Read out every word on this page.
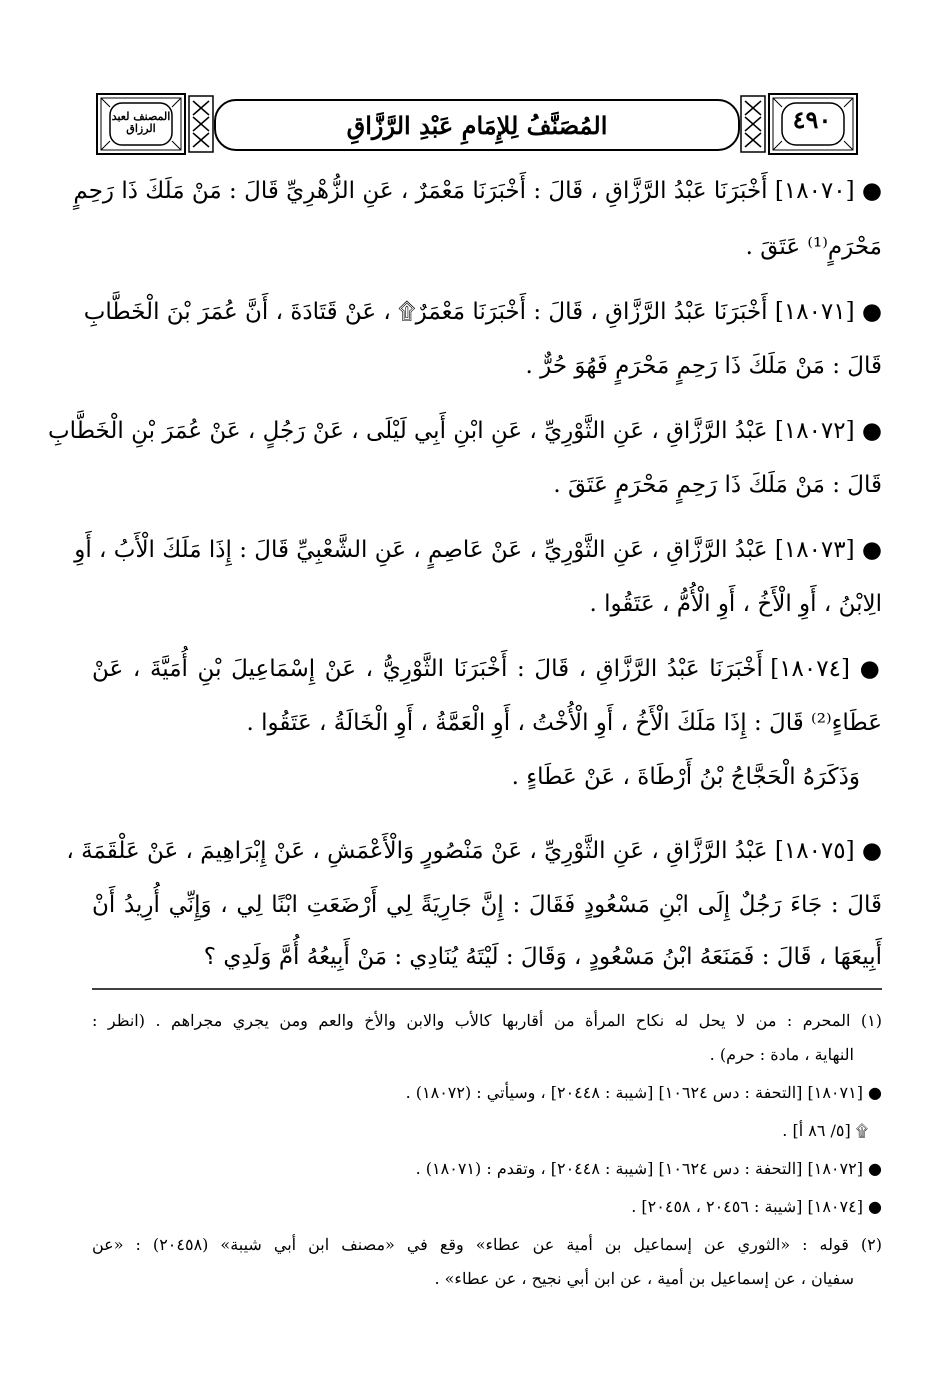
المصنف لعبد الرزاق	المُصَنَّفُ لِلإِمَامِ عَبْدِ الرَّزَّاقِ	٤٩٠
● [١٨٠٧٠] أَخْبَرَنَا عَبْدُ الرَّزَّاقِ ، قَالَ : أَخْبَرَنَا مَعْمَرٌ ، عَنِ الزُّهْرِيِّ قَالَ : مَنْ مَلَكَ ذَا رَحِمٍ
مَحْرَمٍ⁽¹⁾ عَتَقَ .
● [١٨٠٧١] أَخْبَرَنَا عَبْدُ الرَّزَّاقِ ، قَالَ : أَخْبَرَنَا مَعْمَرٌ۩ ، عَنْ قَتَادَةَ ، أَنَّ عُمَرَ بْنَ الْخَطَّابِ
قَالَ : مَنْ مَلَكَ ذَا رَحِمٍ مَحْرَمٍ فَهُوَ حُرٌّ .
● [١٨٠٧٢] عَبْدُ الرَّزَّاقِ ، عَنِ الثَّوْرِيِّ ، عَنِ ابْنِ أَبِي لَيْلَى ، عَنْ رَجُلٍ ، عَنْ عُمَرَ بْنِ الْخَطَّابِ
قَالَ : مَنْ مَلَكَ ذَا رَحِمٍ مَحْرَمٍ عَتَقَ .
● [١٨٠٧٣] عَبْدُ الرَّزَّاقِ ، عَنِ الثَّوْرِيِّ ، عَنْ عَاصِمٍ ، عَنِ الشَّعْبِيِّ قَالَ : إِذَا مَلَكَ الْأَبُ ، أَوِ
الِابْنُ ، أَوِ الْأَخُ ، أَوِ الْأُمُّ ، عَتَقُوا .
● [١٨٠٧٤] أَخْبَرَنَا عَبْدُ الرَّزَّاقِ ، قَالَ : أَخْبَرَنَا الثَّوْرِيُّ ، عَنْ إِسْمَاعِيلَ بْنِ أُمَيَّةَ ، عَنْ
عَطَاءٍ⁽²⁾ قَالَ : إِذَا مَلَكَ الْأَخُ ، أَوِ الْأُخْتُ ، أَوِ الْعَمَّةُ ، أَوِ الْخَالَةُ ، عَتَقُوا .
وَذَكَرَهُ الْحَجَّاجُ بْنُ أَرْطَاةَ ، عَنْ عَطَاءٍ .
● [١٨٠٧٥] عَبْدُ الرَّزَّاقِ ، عَنِ الثَّوْرِيِّ ، عَنْ مَنْصُورٍ وَالْأَعْمَشِ ، عَنْ إِبْرَاهِيمَ ، عَنْ عَلْقَمَةَ ،
قَالَ : جَاءَ رَجُلٌ إِلَى ابْنِ مَسْعُودٍ فَقَالَ : إِنَّ جَارِيَةً لِي أَرْضَعَتِ ابْنًا لِي ، وَإِنِّي أُرِيدُ أَنْ
أَبِيعَهَا ، قَالَ : فَمَنَعَهُ ابْنُ مَسْعُودٍ ، وَقَالَ : لَيْتَهُ يُنَادِي : مَنْ أَبِيعُهُ أُمَّ وَلَدِي ؟
(١) المحرم : من لا يحل له نكاح المرأة من أقاربها كالأب والابن والأخ والعم ومن يجري مجراهم . (انظر :
النهاية ، مادة : حرم) .
● [١٨٠٧١] [التحفة : دس ١٠٦٢٤] [شيبة : ٢٠٤٤٨] ، وسيأتي : (١٨٠٧٢) .
۩ [٥/ ٨٦ أ] .
● [١٨٠٧٢] [التحفة : دس ١٠٦٢٤] [شيبة : ٢٠٤٤٨] ، وتقدم : (١٨٠٧١) .
● [١٨٠٧٤] [شيبة : ٢٠٤٥٦ ، ٢٠٤٥٨] .
(٢) قوله : «الثوري عن إسماعيل بن أمية عن عطاء» وقع في «مصنف ابن أبي شيبة» (٢٠٤٥٨) : «عن
سفيان ، عن إسماعيل بن أمية ، عن ابن أبي نجيح ، عن عطاء» .
